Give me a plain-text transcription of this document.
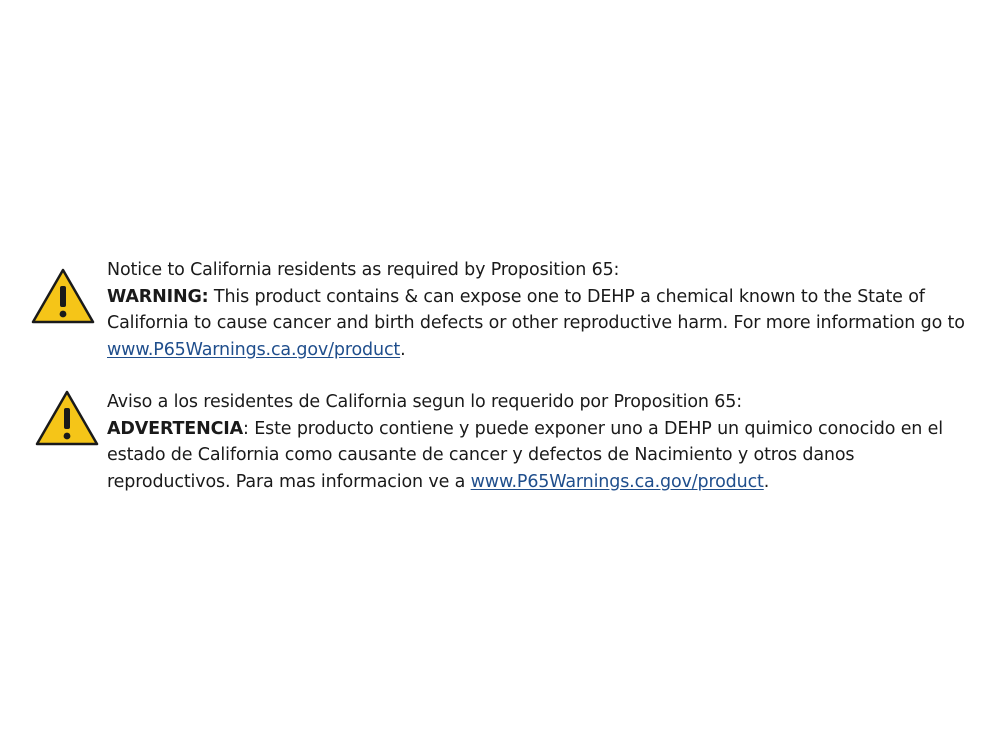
Notice to California residents as required by Proposition 65:

WARNING: This product contains & can expose one to DEHP a chemical known to the State of California to cause cancer and birth defects or other reproductive harm. For more information go to www.P65Warnings.ca.gov/product.

Aviso a los residentes de California segun lo requerido por Proposition 65:

ADVERTENCIA: Este producto contiene y puede exponer uno a DEHP un quimico conocido en el estado de California como causante de cancer y defectos de Nacimiento y otros danos reproductivos. Para mas informacion ve a www.P65Warnings.ca.gov/product.
